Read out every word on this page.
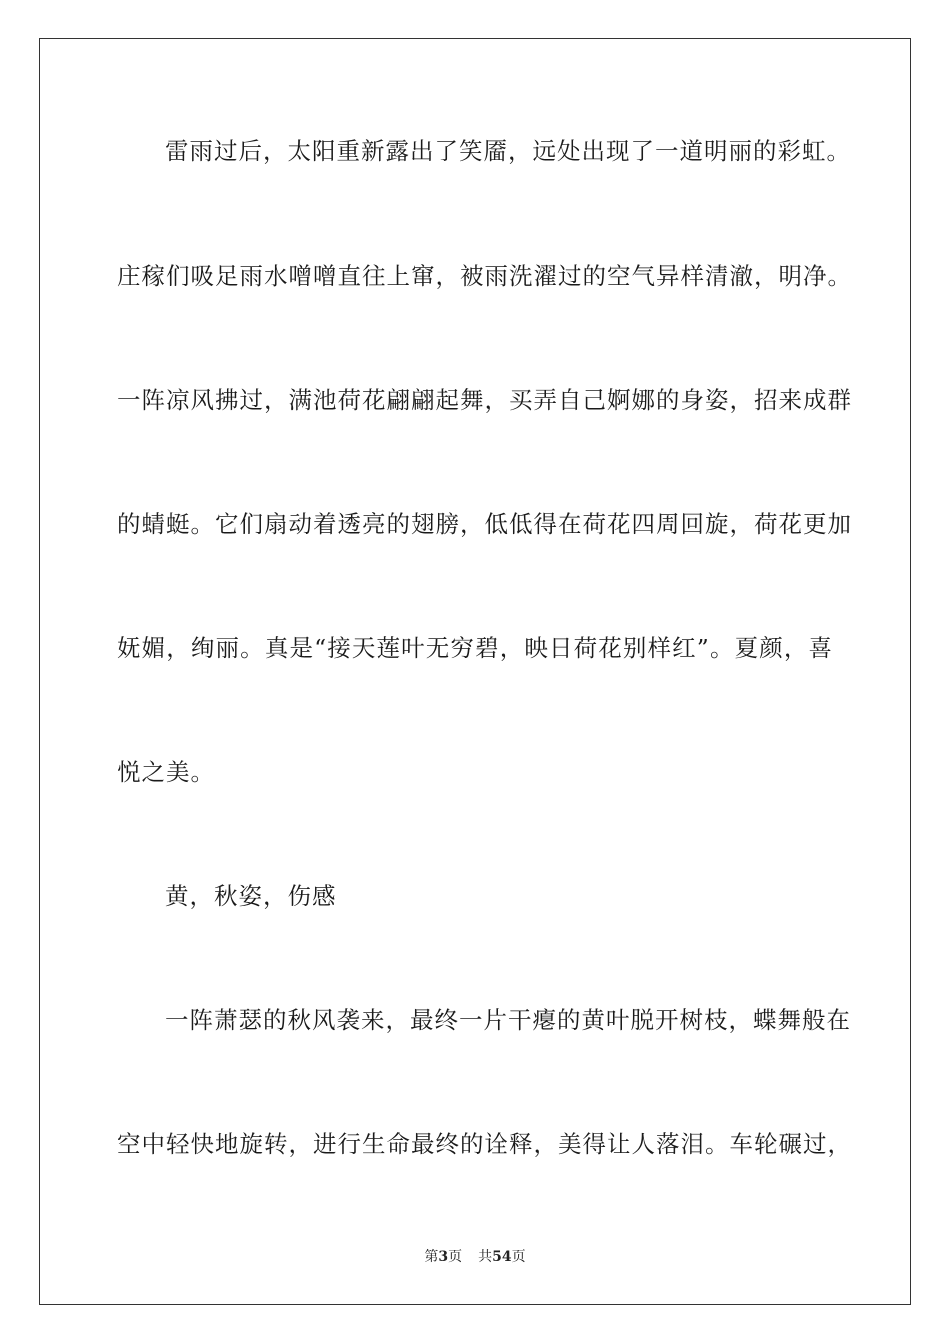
雷雨过后，太阳重新露出了笑靥，远处出现了一道明丽的彩虹。
庄稼们吸足雨水噌噌直往上窜，被雨洗濯过的空气异样清澈，明净。
一阵凉风拂过，满池荷花翩翩起舞，买弄自己婀娜的身姿，招来成群
的蜻蜓。它们扇动着透亮的翅膀，低低得在荷花四周回旋，荷花更加
妩媚，绚丽。真是“接天莲叶无穷碧，映日荷花别样红”。夏颜，喜
悦之美。
黄，秋姿，伤感
一阵萧瑟的秋风袭来，最终一片干瘪的黄叶脱开树枝，蝶舞般在
空中轻快地旋转，进行生命最终的诠释，美得让人落泪。车轮碾过，
第3页 共54页
